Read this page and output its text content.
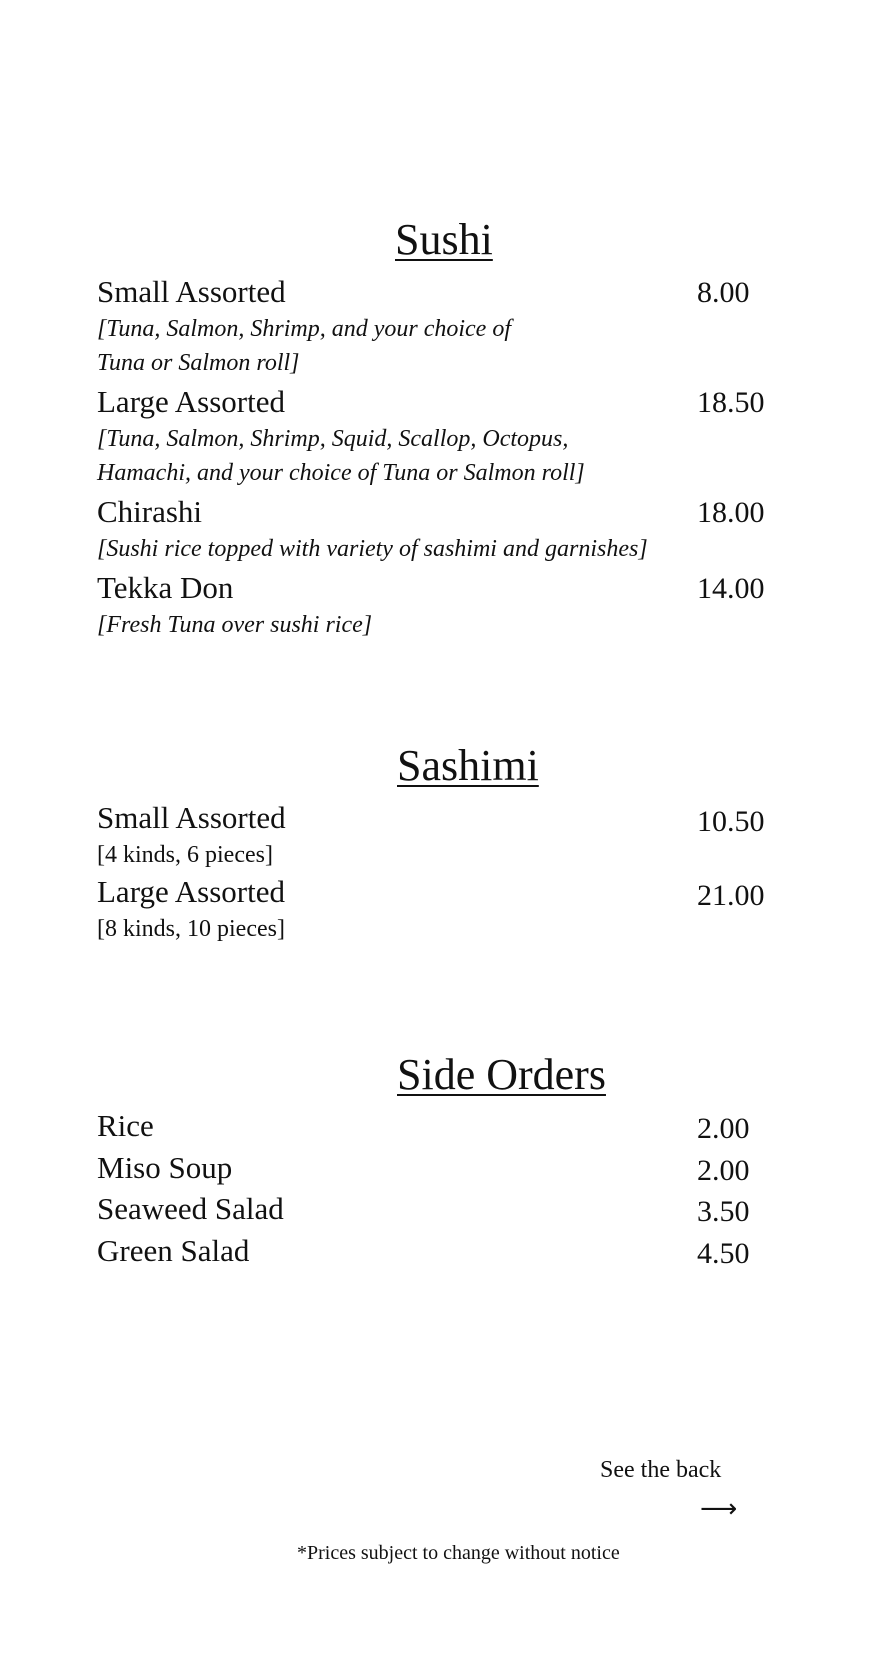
Sushi
Small Assorted	8.00
[Tuna, Salmon, Shrimp, and your choice of
Tuna or Salmon roll]
Large Assorted	18.50
[Tuna, Salmon, Shrimp, Squid, Scallop, Octopus,
Hamachi, and your choice of Tuna or Salmon roll]
Chirashi	18.00
[Sushi rice topped with variety of sashimi and garnishes]
Tekka Don	14.00
[Fresh Tuna over sushi rice]
Sashimi
Small Assorted	10.50
[4 kinds, 6 pieces]
Large Assorted	21.00
[8 kinds, 10 pieces]
Side Orders
Rice	2.00
Miso Soup	2.00
Seaweed Salad	3.50
Green Salad	4.50
See the back
⟶
*Prices subject to change without notice
